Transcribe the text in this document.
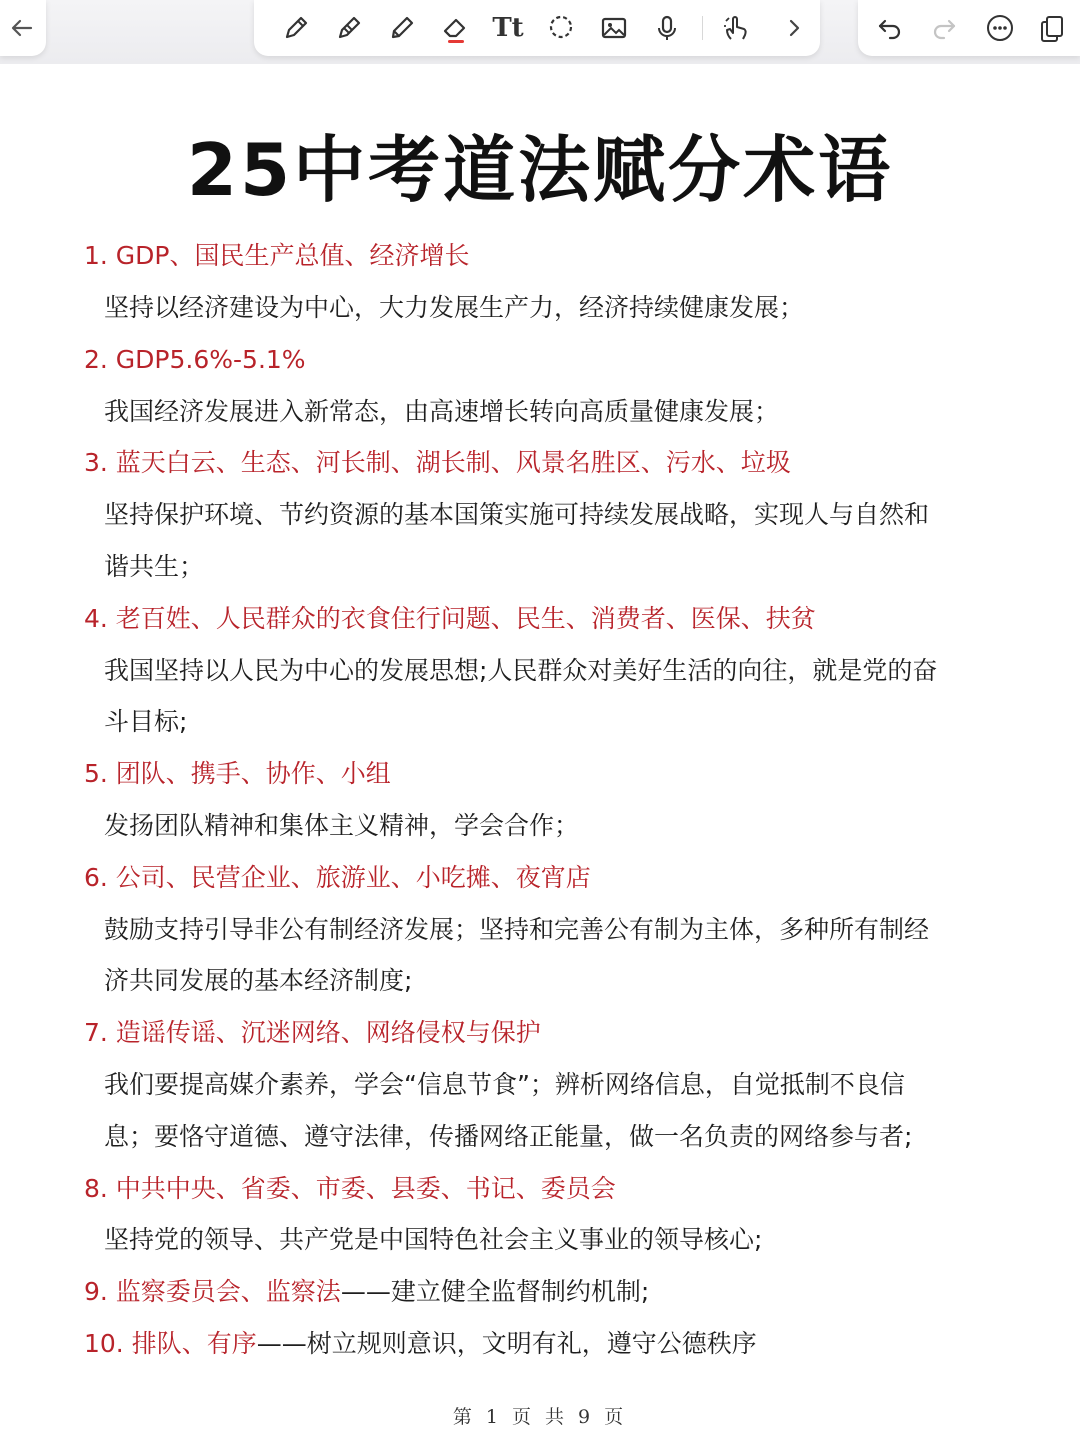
Tt
25中考道法赋分术语

1. GDP、国民生产总值、经济增长

坚持以经济建设为中心，大力发展生产力，经济持续健康发展；

2. GDP5.6%-5.1%

我国经济发展进入新常态，由高速增长转向高质量健康发展；

3. 蓝天白云、生态、河长制、湖长制、风景名胜区、污水、垃圾

坚持保护环境、节约资源的基本国策实施可持续发展战略，实现人与自然和

谐共生；

4. 老百姓、人民群众的衣食住行问题、民生、消费者、医保、扶贫

我国坚持以人民为中心的发展思想;人民群众对美好生活的向往，就是党的奋

斗目标;

5. 团队、携手、协作、小组

发扬团队精神和集体主义精神，学会合作；

6. 公司、民营企业、旅游业、小吃摊、夜宵店

鼓励支持引导非公有制经济发展；坚持和完善公有制为主体，多种所有制经

济共同发展的基本经济制度;

7. 造谣传谣、沉迷网络、网络侵权与保护

我们要提高媒介素养，学会“信息节食”；辨析网络信息，自觉抵制不良信

息；要恪守道德、遵守法律，传播网络正能量，做一名负责的网络参与者;

8. 中共中央、省委、市委、县委、书记、委员会

坚持党的领导、共产党是中国特色社会主义事业的领导核心;

9. 监察委员会、监察法——建立健全监督制约机制;

10. 排队、有序——树立规则意识，文明有礼，遵守公德秩序

第 1 页 共 9 页
